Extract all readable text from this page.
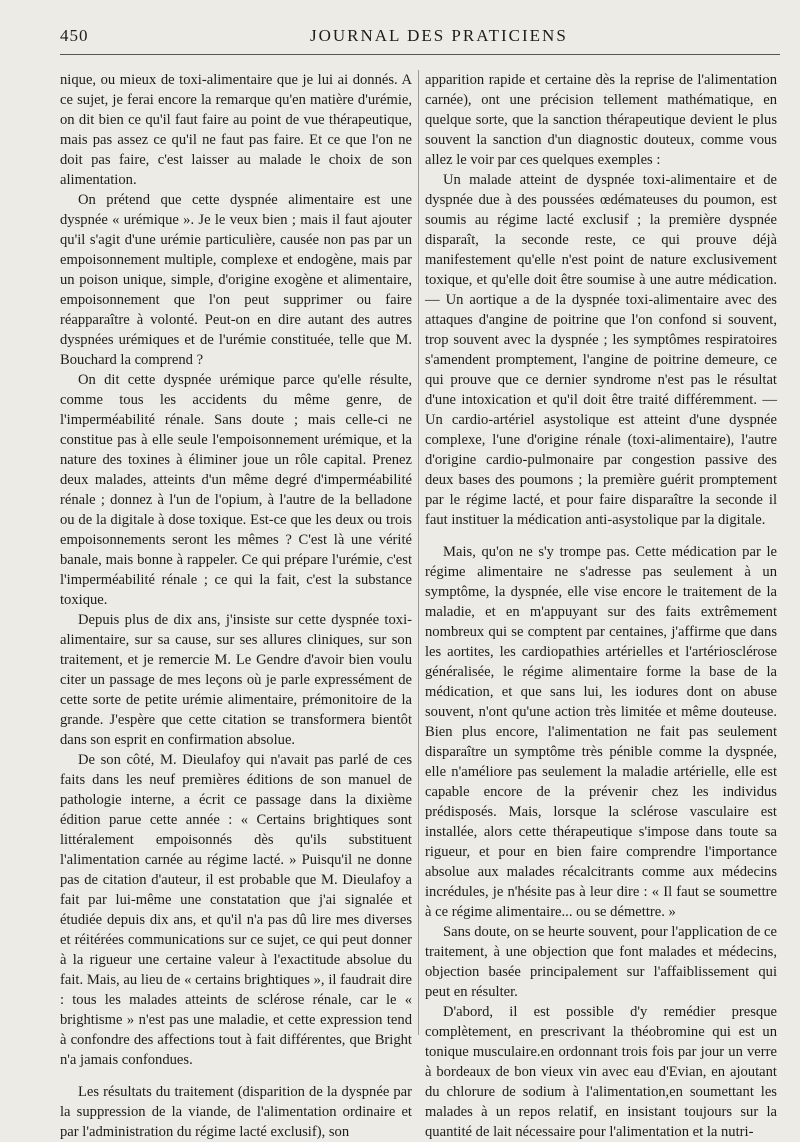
450	JOURNAL DES PRATICIENS

nique, ou mieux de toxi-alimentaire que je lui ai donnés. A ce sujet, je ferai encore la remarque qu'en matière d'urémie, on dit bien ce qu'il faut faire au point de vue thérapeutique, mais pas assez ce qu'il ne faut pas faire. Et ce que l'on ne doit pas faire, c'est laisser au malade le choix de son alimentation.

On prétend que cette dyspnée alimentaire est une dyspnée « urémique ». Je le veux bien ; mais il faut ajouter qu'il s'agit d'une urémie particulière, causée non pas par un empoisonnement multiple, complexe et endogène, mais par un poison unique, simple, d'origine exogène et alimentaire, empoisonnement que l'on peut supprimer ou faire réapparaître à volonté. Peut-on en dire autant des autres dyspnées urémiques et de l'urémie constituée, telle que M. Bouchard la comprend ?

On dit cette dyspnée urémique parce qu'elle résulte, comme tous les accidents du même genre, de l'imperméabilité rénale. Sans doute ; mais celle-ci ne constitue pas à elle seule l'empoisonnement urémique, et la nature des toxines à éliminer joue un rôle capital. Prenez deux malades, atteints d'un même degré d'imperméabilité rénale ; donnez à l'un de l'opium, à l'autre de la belladone ou de la digitale à dose toxique. Est-ce que les deux ou trois empoisonnements seront les mêmes ? C'est là une vérité banale, mais bonne à rappeler. Ce qui prépare l'urémie, c'est l'imperméabilité rénale ; ce qui la fait, c'est la substance toxique.

Depuis plus de dix ans, j'insiste sur cette dyspnée toxi-alimentaire, sur sa cause, sur ses allures cliniques, sur son traitement, et je remercie M. Le Gendre d'avoir bien voulu citer un passage de mes leçons où je parle expressément de cette sorte de petite urémie alimentaire, prémonitoire de la grande. J'espère que cette citation se transformera bientôt dans son esprit en confirmation absolue.

De son côté, M. Dieulafoy qui n'avait pas parlé de ces faits dans les neuf premières éditions de son manuel de pathologie interne, a écrit ce passage dans la dixième édition parue cette année : « Certains brightiques sont littéralement empoisonnés dès qu'ils substituent l'alimentation carnée au régime lacté. » Puisqu'il ne donne pas de citation d'auteur, il est probable que M. Dieulafoy a fait par lui-même une constatation que j'ai signalée et étudiée depuis dix ans, et qu'il n'a pas dû lire mes diverses et réitérées communications sur ce sujet, ce qui peut donner à la rigueur une certaine valeur à l'exactitude absolue du fait. Mais, au lieu de « certains brightiques », il faudrait dire : tous les malades atteints de sclérose rénale, car le « brightisme » n'est pas une maladie, et cette expression tend à confondre des affections tout à fait différentes, que Bright n'a jamais confondues.

Les résultats du traitement (disparition de la dyspnée par la suppression de la viande, de l'alimentation ordinaire et par l'administration du régime lacté exclusif), son

apparition rapide et certaine dès la reprise de l'alimentation carnée), ont une précision tellement mathématique, en quelque sorte, que la sanction thérapeutique devient le plus souvent la sanction d'un diagnostic douteux, comme vous allez le voir par ces quelques exemples :

Un malade atteint de dyspnée toxi-alimentaire et de dyspnée due à des poussées œdémateuses du poumon, est soumis au régime lacté exclusif ; la première dyspnée disparaît, la seconde reste, ce qui prouve déjà manifestement qu'elle n'est point de nature exclusivement toxique, et qu'elle doit être soumise à une autre médication. — Un aortique a de la dyspnée toxi-alimentaire avec des attaques d'angine de poitrine que l'on confond si souvent, trop souvent avec la dyspnée ; les symptômes respiratoires s'amendent promptement, l'angine de poitrine demeure, ce qui prouve que ce dernier syndrome n'est pas le résultat d'une intoxication et qu'il doit être traité différemment. — Un cardio-artériel asystolique est atteint d'une dyspnée complexe, l'une d'origine rénale (toxi-alimentaire), l'autre d'origine cardio-pulmonaire par congestion passive des deux bases des poumons ; la première guérit promptement par le régime lacté, et pour faire disparaître la seconde il faut instituer la médication anti-asystolique par la digitale.

Mais, qu'on ne s'y trompe pas. Cette médication par le régime alimentaire ne s'adresse pas seulement à un symptôme, la dyspnée, elle vise encore le traitement de la maladie, et en m'appuyant sur des faits extrêmement nombreux qui se comptent par centaines, j'affirme que dans les aortites, les cardiopathies artérielles et l'artériosclérose généralisée, le régime alimentaire forme la base de la médication, et que sans lui, les iodures dont on abuse souvent, n'ont qu'une action très limitée et même douteuse. Bien plus encore, l'alimentation ne fait pas seulement disparaître un symptôme très pénible comme la dyspnée, elle n'améliore pas seulement la maladie artérielle, elle est capable encore de la prévenir chez les individus prédisposés. Mais, lorsque la sclérose vasculaire est installée, alors cette thérapeutique s'impose dans toute sa rigueur, et pour en bien faire comprendre l'importance absolue aux malades récalcitrants comme aux médecins incrédules, je n'hésite pas à leur dire : « Il faut se soumettre à ce régime alimentaire... ou se démettre. »

Sans doute, on se heurte souvent, pour l'application de ce traitement, à une objection que font malades et médecins, objection basée principalement sur l'affaiblissement qui peut en résulter.

D'abord, il est possible d'y remédier presque complètement, en prescrivant la théobromine qui est un tonique musculaire.en ordonnant trois fois par jour un verre à bordeaux de bon vieux vin avec eau d'Evian, en ajoutant du chlorure de sodium à l'alimentation,en soumettant les malades à un repos relatif, en insistant toujours sur la quantité de lait nécessaire pour l'alimentation et la nutri-
